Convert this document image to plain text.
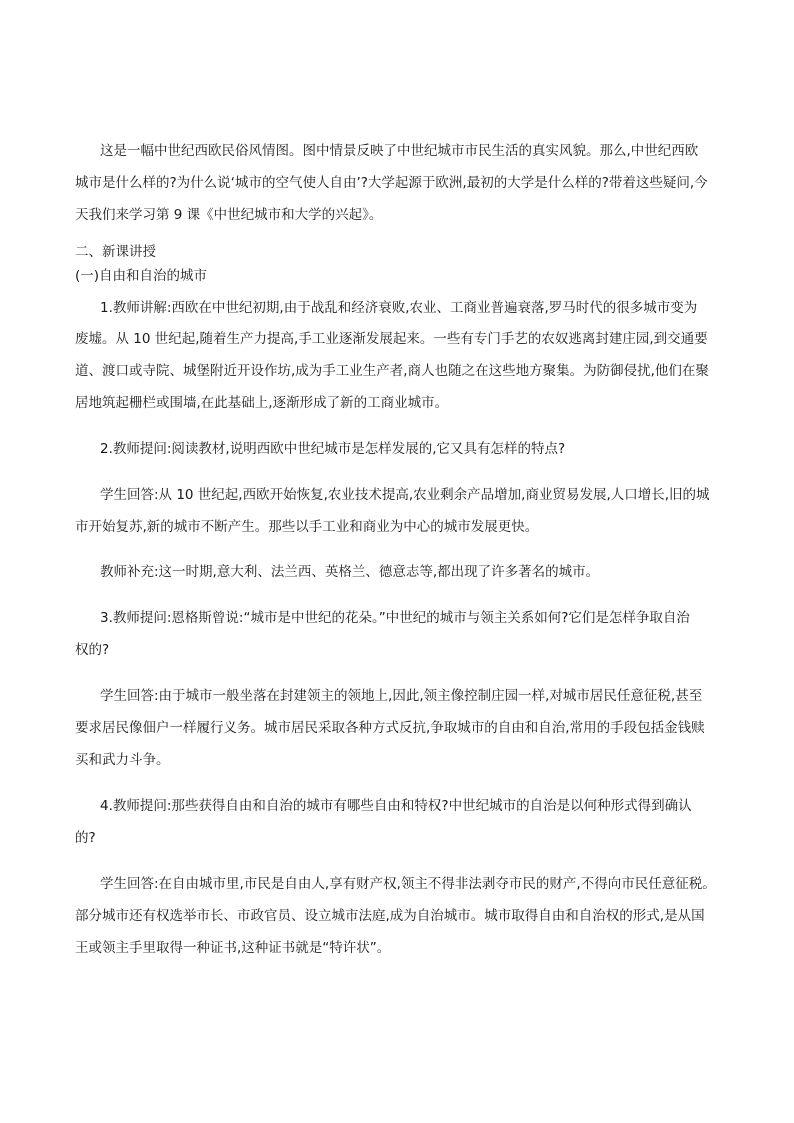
这是一幅中世纪西欧民俗风情图。图中情景反映了中世纪城市市民生活的真实风貌。那么,中世纪西欧
城市是什么样的?为什么说‘城市的空气使人自由’?大学起源于欧洲,最初的大学是什么样的?带着这些疑问,今
天我们来学习第 9 课《中世纪城市和大学的兴起》。
二、新课讲授
(一)自由和自治的城市
1.教师讲解:西欧在中世纪初期,由于战乱和经济衰败,农业、工商业普遍衰落,罗马时代的很多城市变为
废墟。从 10 世纪起,随着生产力提高,手工业逐渐发展起来。一些有专门手艺的农奴逃离封建庄园,到交通要
道、渡口或寺院、城堡附近开设作坊,成为手工业生产者,商人也随之在这些地方聚集。为防御侵扰,他们在聚
居地筑起栅栏或围墙,在此基础上,逐渐形成了新的工商业城市。
2.教师提问:阅读教材,说明西欧中世纪城市是怎样发展的,它又具有怎样的特点?
学生回答:从 10 世纪起,西欧开始恢复,农业技术提高,农业剩余产品增加,商业贸易发展,人口增长,旧的城
市开始复苏,新的城市不断产生。那些以手工业和商业为中心的城市发展更快。
教师补充:这一时期,意大利、法兰西、英格兰、德意志等,都出现了许多著名的城市。
3.教师提问:恩格斯曾说:“城市是中世纪的花朵。”中世纪的城市与领主关系如何?它们是怎样争取自治
权的?
学生回答:由于城市一般坐落在封建领主的领地上,因此,领主像控制庄园一样,对城市居民任意征税,甚至
要求居民像佃户一样履行义务。城市居民采取各种方式反抗,争取城市的自由和自治,常用的手段包括金钱赎
买和武力斗争。
4.教师提问:那些获得自由和自治的城市有哪些自由和特权?中世纪城市的自治是以何种形式得到确认
的?
学生回答:在自由城市里,市民是自由人,享有财产权,领主不得非法剥夺市民的财产,不得向市民任意征税。
部分城市还有权选举市长、市政官员、设立城市法庭,成为自治城市。城市取得自由和自治权的形式,是从国
王或领主手里取得一种证书,这种证书就是“特许状”。
